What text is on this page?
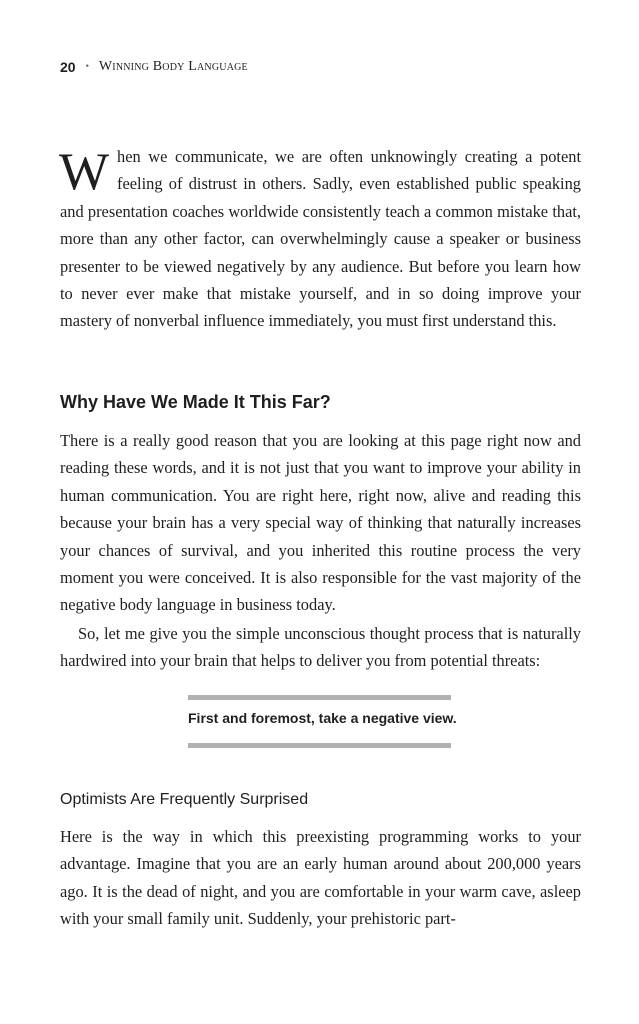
20 • Winning Body Language

When we communicate, we are often unknowingly creating a potent feeling of distrust in others. Sadly, even established public speaking and presentation coaches worldwide consistently teach a common mistake that, more than any other factor, can overwhelmingly cause a speaker or business presenter to be viewed negatively by any audience. But before you learn how to never ever make that mistake yourself, and in so doing improve your mastery of nonverbal influence immediately, you must first understand this.

Why Have We Made It This Far?

There is a really good reason that you are looking at this page right now and reading these words, and it is not just that you want to improve your ability in human communication. You are right here, right now, alive and reading this because your brain has a very special way of thinking that naturally increases your chances of survival, and you inherited this routine process the very moment you were conceived. It is also responsible for the vast majority of the negative body language in business today.

So, let me give you the simple unconscious thought process that is naturally hardwired into your brain that helps to deliver you from potential threats:

First and foremost, take a negative view.
Optimists Are Frequently Surprised

Here is the way in which this preexisting programming works to your advantage. Imagine that you are an early human around about 200,000 years ago. It is the dead of night, and you are comfortable in your warm cave, asleep with your small family unit. Suddenly, your prehistoric part-
